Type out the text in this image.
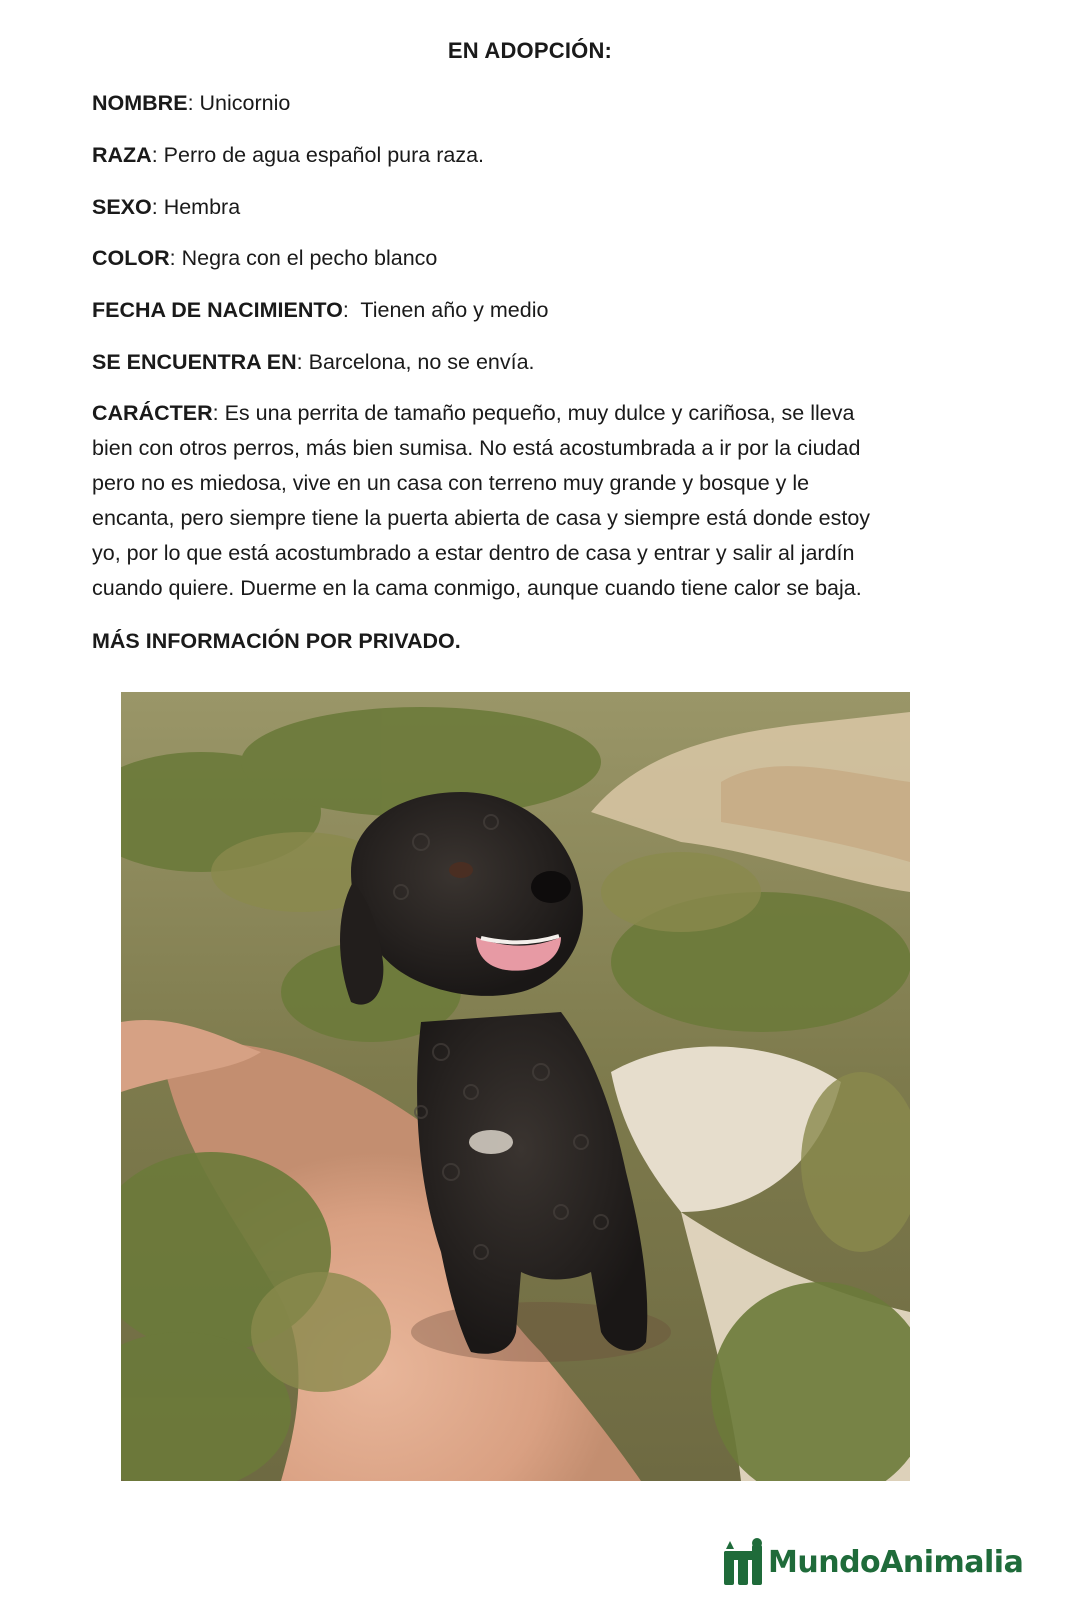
EN ADOPCIÓN:
NOMBRE: Unicornio
RAZA: Perro de agua español pura raza.
SEXO: Hembra
COLOR: Negra con el pecho blanco
FECHA DE NACIMIENTO:  Tienen año y medio
SE ENCUENTRA EN: Barcelona, no se envía.
CARÁCTER: Es una perrita de tamaño pequeño, muy dulce y cariñosa, se lleva
bien con otros perros, más bien sumisa. No está acostumbrada a ir por la ciudad
pero no es miedosa, vive en un casa con terreno muy grande y bosque y le
encanta, pero siempre tiene la puerta abierta de casa y siempre está donde estoy
yo, por lo que está acostumbrado a estar dentro de casa y entrar y salir al jardín
cuando quiere. Duerme en la cama conmigo, aunque cuando tiene calor se baja.
MÁS INFORMACIÓN POR PRIVADO.
MundoAnimalia
